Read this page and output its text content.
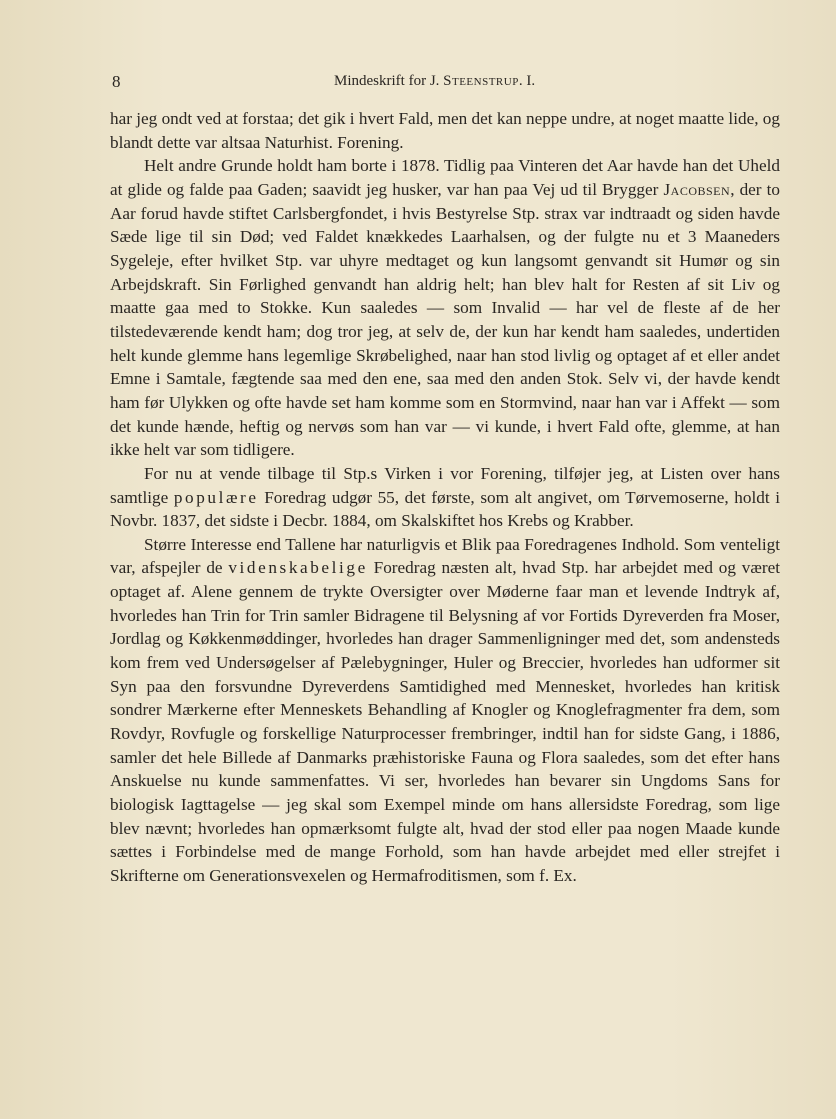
8	Mindeskrift for J. Steenstrup. I.

har jeg ondt ved at forstaa; det gik i hvert Fald, men det kan neppe undre, at noget maatte lide, og blandt dette var altsaa Naturhist. Forening.

Helt andre Grunde holdt ham borte i 1878. Tidlig paa Vinteren det Aar havde han det Uheld at glide og falde paa Gaden; saavidt jeg husker, var han paa Vej ud til Brygger Jacobsen, der to Aar forud havde stiftet Carlsbergfondet, i hvis Bestyrelse Stp. strax var indtraadt og siden havde Sæde lige til sin Død; ved Faldet knækkedes Laarhalsen, og der fulgte nu et 3 Maaneders Sygeleje, efter hvilket Stp. var uhyre medtaget og kun langsomt genvandt sit Humør og sin Arbejdskraft. Sin Førlighed genvandt han aldrig helt; han blev halt for Resten af sit Liv og maatte gaa med to Stokke. Kun saaledes — som Invalid — har vel de fleste af de her tilstedeværende kendt ham; dog tror jeg, at selv de, der kun har kendt ham saaledes, undertiden helt kunde glemme hans legemlige Skrøbelighed, naar han stod livlig og optaget af et eller andet Emne i Samtale, fægtende saa med den ene, saa med den anden Stok. Selv vi, der havde kendt ham før Ulykken og ofte havde set ham komme som en Stormvind, naar han var i Affekt — som det kunde hænde, heftig og nervøs som han var — vi kunde, i hvert Fald ofte, glemme, at han ikke helt var som tidligere.

For nu at vende tilbage til Stp.s Virken i vor Forening, tilføjer jeg, at Listen over hans samtlige populære Foredrag udgør 55, det første, som alt angivet, om Tørvemoserne, holdt i Novbr. 1837, det sidste i Decbr. 1884, om Skalskiftet hos Krebs og Krabber.

Større Interesse end Tallene har naturligvis et Blik paa Foredragenes Indhold. Som venteligt var, afspejler de videnskabelige Foredrag næsten alt, hvad Stp. har arbejdet med og været optaget af. Alene gennem de trykte Oversigter over Møderne faar man et levende Indtryk af, hvorledes han Trin for Trin samler Bidragene til Belysning af vor Fortids Dyreverden fra Moser, Jordlag og Køkkenmøddinger, hvorledes han drager Sammenligninger med det, som andensteds kom frem ved Undersøgelser af Pælebygninger, Huler og Breccier, hvorledes han udformer sit Syn paa den forsvundne Dyreverdens Samtidighed med Mennesket, hvorledes han kritisk sondrer Mærkerne efter Menneskets Behandling af Knogler og Knoglefragmenter fra dem, som Rovdyr, Rovfugle og forskellige Naturprocesser frembringer, indtil han for sidste Gang, i 1886, samler det hele Billede af Danmarks præhistoriske Fauna og Flora saaledes, som det efter hans Anskuelse nu kunde sammenfattes. Vi ser, hvorledes han bevarer sin Ungdoms Sans for biologisk Iagttagelse — jeg skal som Exempel minde om hans allersidste Foredrag, som lige blev nævnt; hvorledes han opmærksomt fulgte alt, hvad der stod eller paa nogen Maade kunde sættes i Forbindelse med de mange Forhold, som han havde arbejdet med eller strejfet i Skrifterne om Generationsvexelen og Hermafroditismen, som f. Ex.
